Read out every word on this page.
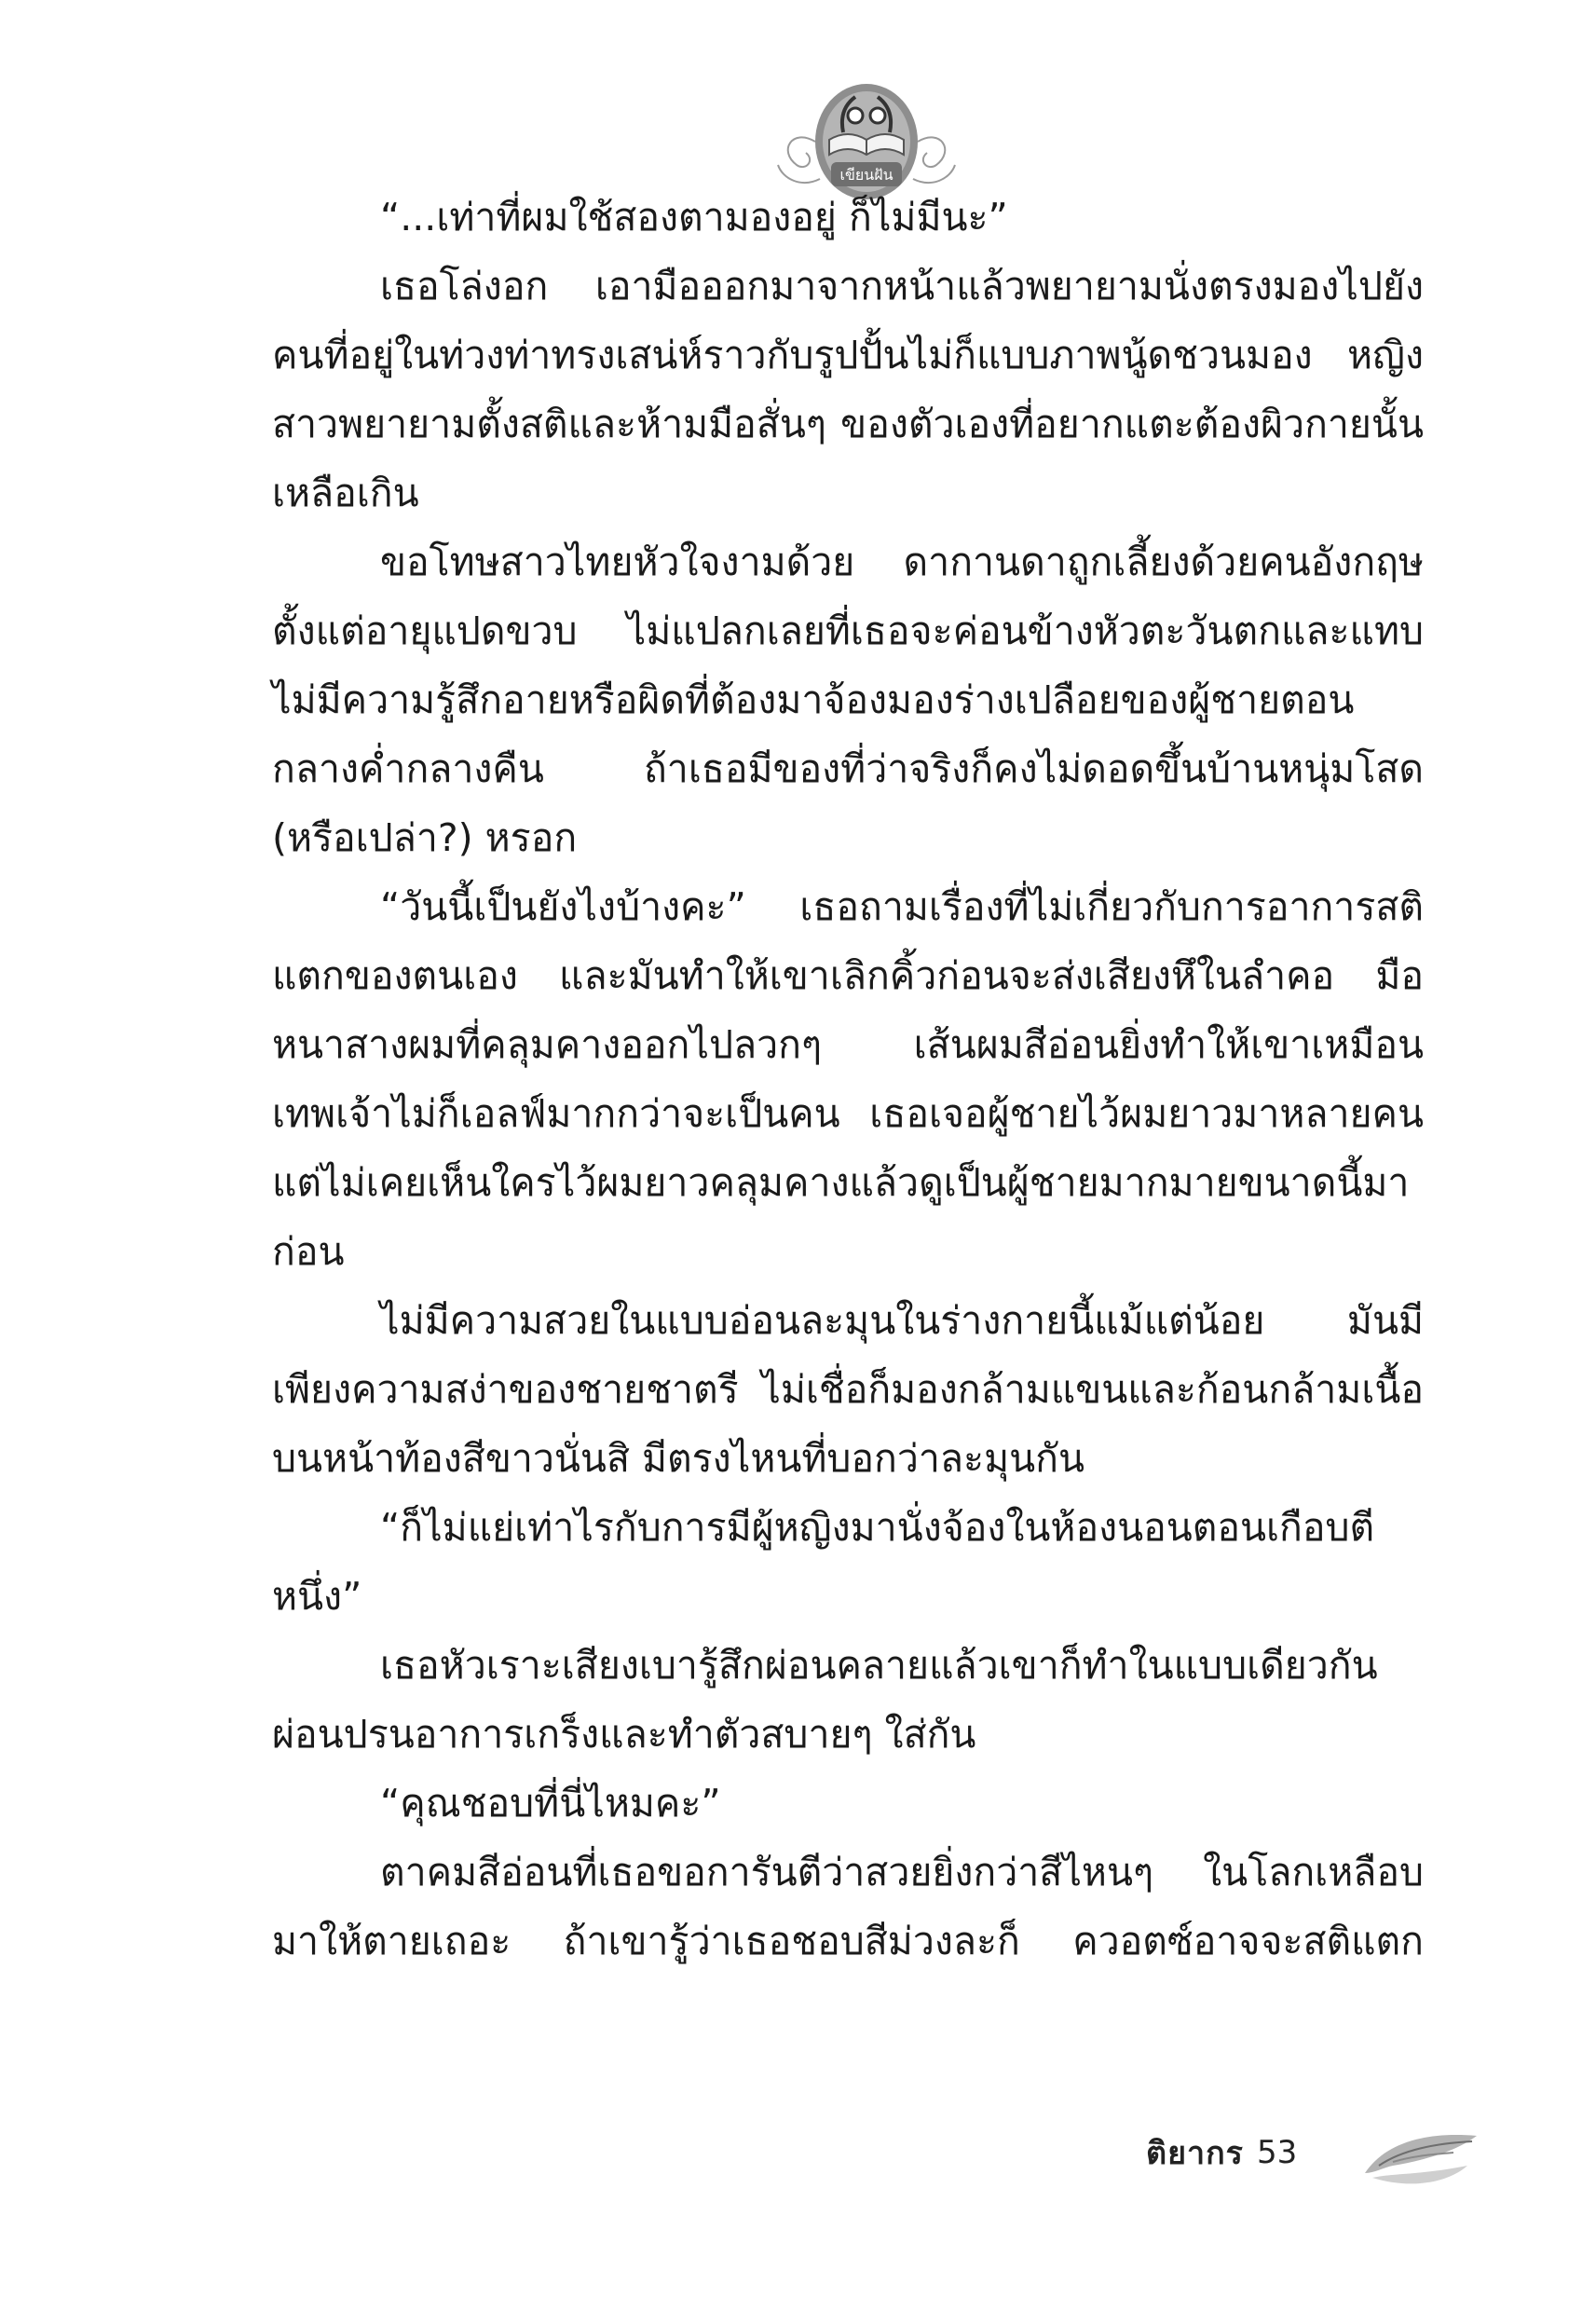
เขียนฝัน

“...เท่าที่ผมใช้สองตามองอยู่ ก็ไม่มีนะ”

เธอโล่งอก เอามือออกมาจากหน้าแล้วพยายามนั่งตรงมองไปยังคนที่อยู่ในท่วงท่าทรงเสน่ห์ราวกับรูปปั้นไม่ก็แบบภาพนู้ดชวนมอง หญิงสาวพยายามตั้งสติและห้ามมือสั่นๆ ของตัวเองที่อยากแตะต้องผิวกายนั้นเหลือเกิน

ขอโทษสาวไทยหัวใจงามด้วย ดากานดาถูกเลี้ยงด้วยคนอังกฤษตั้งแต่อายุแปดขวบ ไม่แปลกเลยที่เธอจะค่อนข้างหัวตะวันตกและแทบไม่มีความรู้สึกอายหรือผิดที่ต้องมาจ้องมองร่างเปลือยของผู้ชายตอนกลางค่ำกลางคืน ถ้าเธอมีของที่ว่าจริงก็คงไม่ดอดขึ้นบ้านหนุ่มโสด (หรือเปล่า?) หรอก

“วันนี้เป็นยังไงบ้างคะ” เธอถามเรื่องที่ไม่เกี่ยวกับการอาการสติแตกของตนเอง และมันทำให้เขาเลิกคิ้วก่อนจะส่งเสียงหึในลำคอ มือหนาสางผมที่คลุมคางออกไปลวกๆ เส้นผมสีอ่อนยิ่งทำให้เขาเหมือนเทพเจ้าไม่ก็เอลฟ์มากกว่าจะเป็นคน เธอเจอผู้ชายไว้ผมยาวมาหลายคน แต่ไม่เคยเห็นใครไว้ผมยาวคลุมคางแล้วดูเป็นผู้ชายมากมายขนาดนี้มาก่อน

ไม่มีความสวยในแบบอ่อนละมุนในร่างกายนี้แม้แต่น้อย มันมีเพียงความสง่าของชายชาตรี ไม่เชื่อก็มองกล้ามแขนและก้อนกล้ามเนื้อบนหน้าท้องสีขาวนั่นสิ มีตรงไหนที่บอกว่าละมุนกัน

“ก็ไม่แย่เท่าไรกับการมีผู้หญิงมานั่งจ้องในห้องนอนตอนเกือบตีหนึ่ง”

เธอหัวเราะเสียงเบารู้สึกผ่อนคลายแล้วเขาก็ทำในแบบเดียวกัน ผ่อนปรนอาการเกร็งและทำตัวสบายๆ ใส่กัน

“คุณชอบที่นี่ไหมคะ”

ตาคมสีอ่อนที่เธอขอการันตีว่าสวยยิ่งกว่าสีไหนๆ ในโลกเหลือบมาให้ตายเถอะ ถ้าเขารู้ว่าเธอชอบสีม่วงละก็ ควอตซ์อาจจะสติแตก

ติยากร 53
